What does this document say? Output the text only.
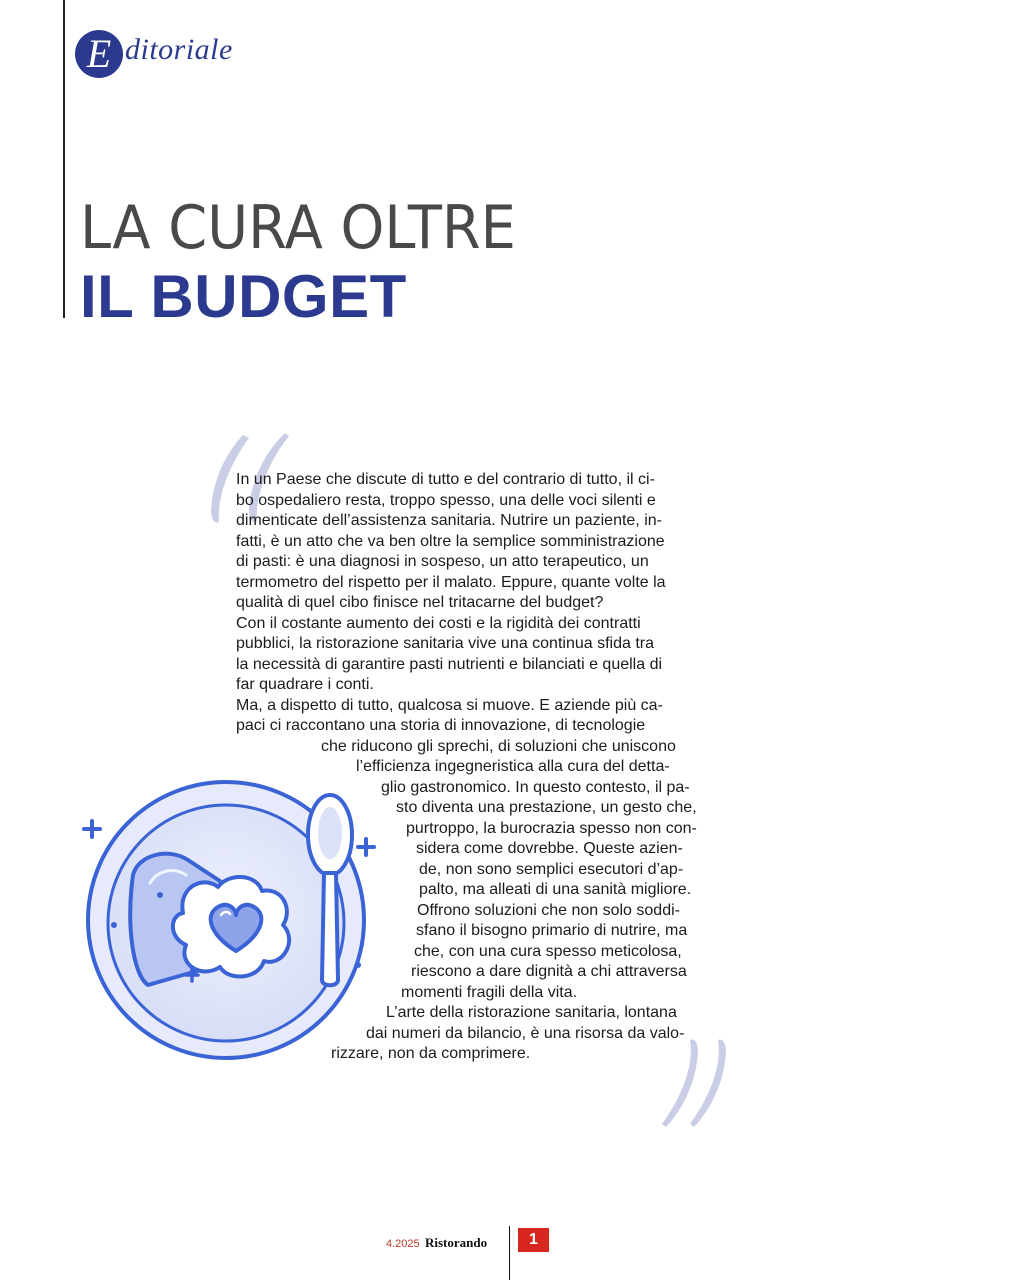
E ditoriale
LA CURA OLTRE
IL BUDGET
In un Paese che discute di tutto e del contrario di tutto, il ci-
bo ospedaliero resta, troppo spesso, una delle voci silenti e
dimenticate dell’assistenza sanitaria. Nutrire un paziente, in-
fatti, è un atto che va ben oltre la semplice somministrazione
di pasti: è una diagnosi in sospeso, un atto terapeutico, un
termometro del rispetto per il malato. Eppure, quante volte la
qualità di quel cibo finisce nel tritacarne del budget?
Con il costante aumento dei costi e la rigidità dei contratti
pubblici, la ristorazione sanitaria vive una continua sfida tra
la necessità di garantire pasti nutrienti e bilanciati e quella di
far quadrare i conti.
Ma, a dispetto di tutto, qualcosa si muove. E aziende più ca-
paci ci raccontano una storia di innovazione, di tecnologie
che riducono gli sprechi, di soluzioni che uniscono
l’efficienza ingegneristica alla cura del detta-
glio gastronomico. In questo contesto, il pa-
sto diventa una prestazione, un gesto che,
purtroppo, la burocrazia spesso non con-
sidera come dovrebbe. Queste azien-
de, non sono semplici esecutori d’ap-
palto, ma alleati di una sanità migliore.
Offrono soluzioni che non solo soddi-
sfano il bisogno primario di nutrire, ma
che, con una cura spesso meticolosa,
riescono a dare dignità a chi attraversa
momenti fragili della vita.
L’arte della ristorazione sanitaria, lontana
dai numeri da bilancio, è una risorsa da valo-
rizzare, non da comprimere.
4.2025 Ristorando	1
